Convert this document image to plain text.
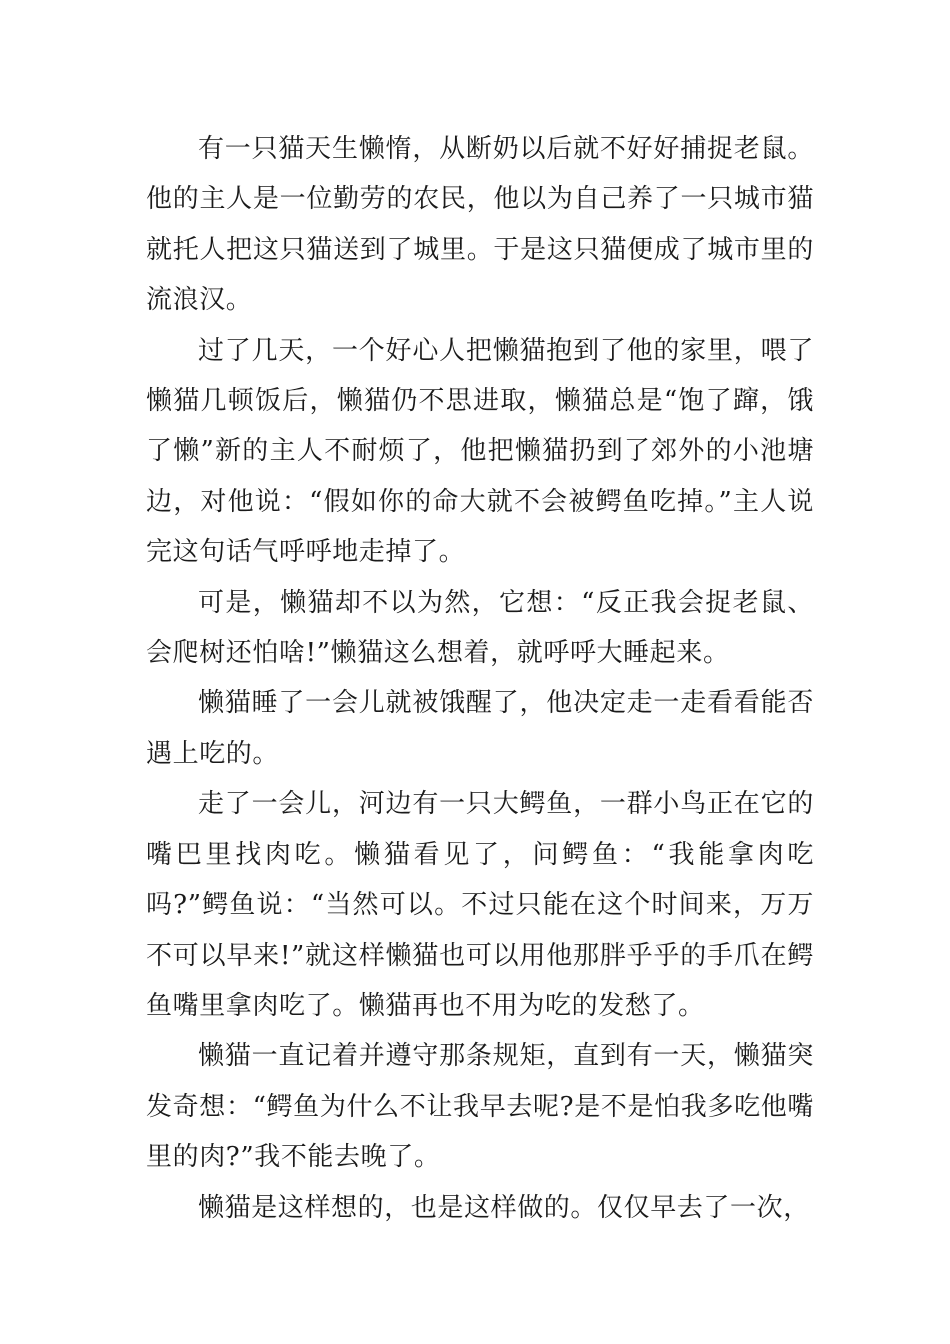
有一只猫天生懒惰，从断奶以后就不好好捕捉老鼠。他的主人是一位勤劳的农民，他以为自己养了一只城市猫就托人把这只猫送到了城里。于是这只猫便成了城市里的流浪汉。

过了几天，一个好心人把懒猫抱到了他的家里，喂了懒猫几顿饭后，懒猫仍不思进取，懒猫总是“饱了蹿，饿了懒”新的主人不耐烦了，他把懒猫扔到了郊外的小池塘边，对他说：“假如你的命大就不会被鳄鱼吃掉。”主人说完这句话气呼呼地走掉了。

可是，懒猫却不以为然，它想：“反正我会捉老鼠、会爬树还怕啥!”懒猫这么想着，就呼呼大睡起来。

懒猫睡了一会儿就被饿醒了，他决定走一走看看能否遇上吃的。

走了一会儿，河边有一只大鳄鱼，一群小鸟正在它的嘴巴里找肉吃。懒猫看见了，问鳄鱼：“我能拿肉吃吗?”鳄鱼说：“当然可以。不过只能在这个时间来，万万不可以早来!”就这样懒猫也可以用他那胖乎乎的手爪在鳄鱼嘴里拿肉吃了。懒猫再也不用为吃的发愁了。

懒猫一直记着并遵守那条规矩，直到有一天，懒猫突发奇想：“鳄鱼为什么不让我早去呢?是不是怕我多吃他嘴里的肉?”我不能去晚了。

懒猫是这样想的，也是这样做的。仅仅早去了一次，
